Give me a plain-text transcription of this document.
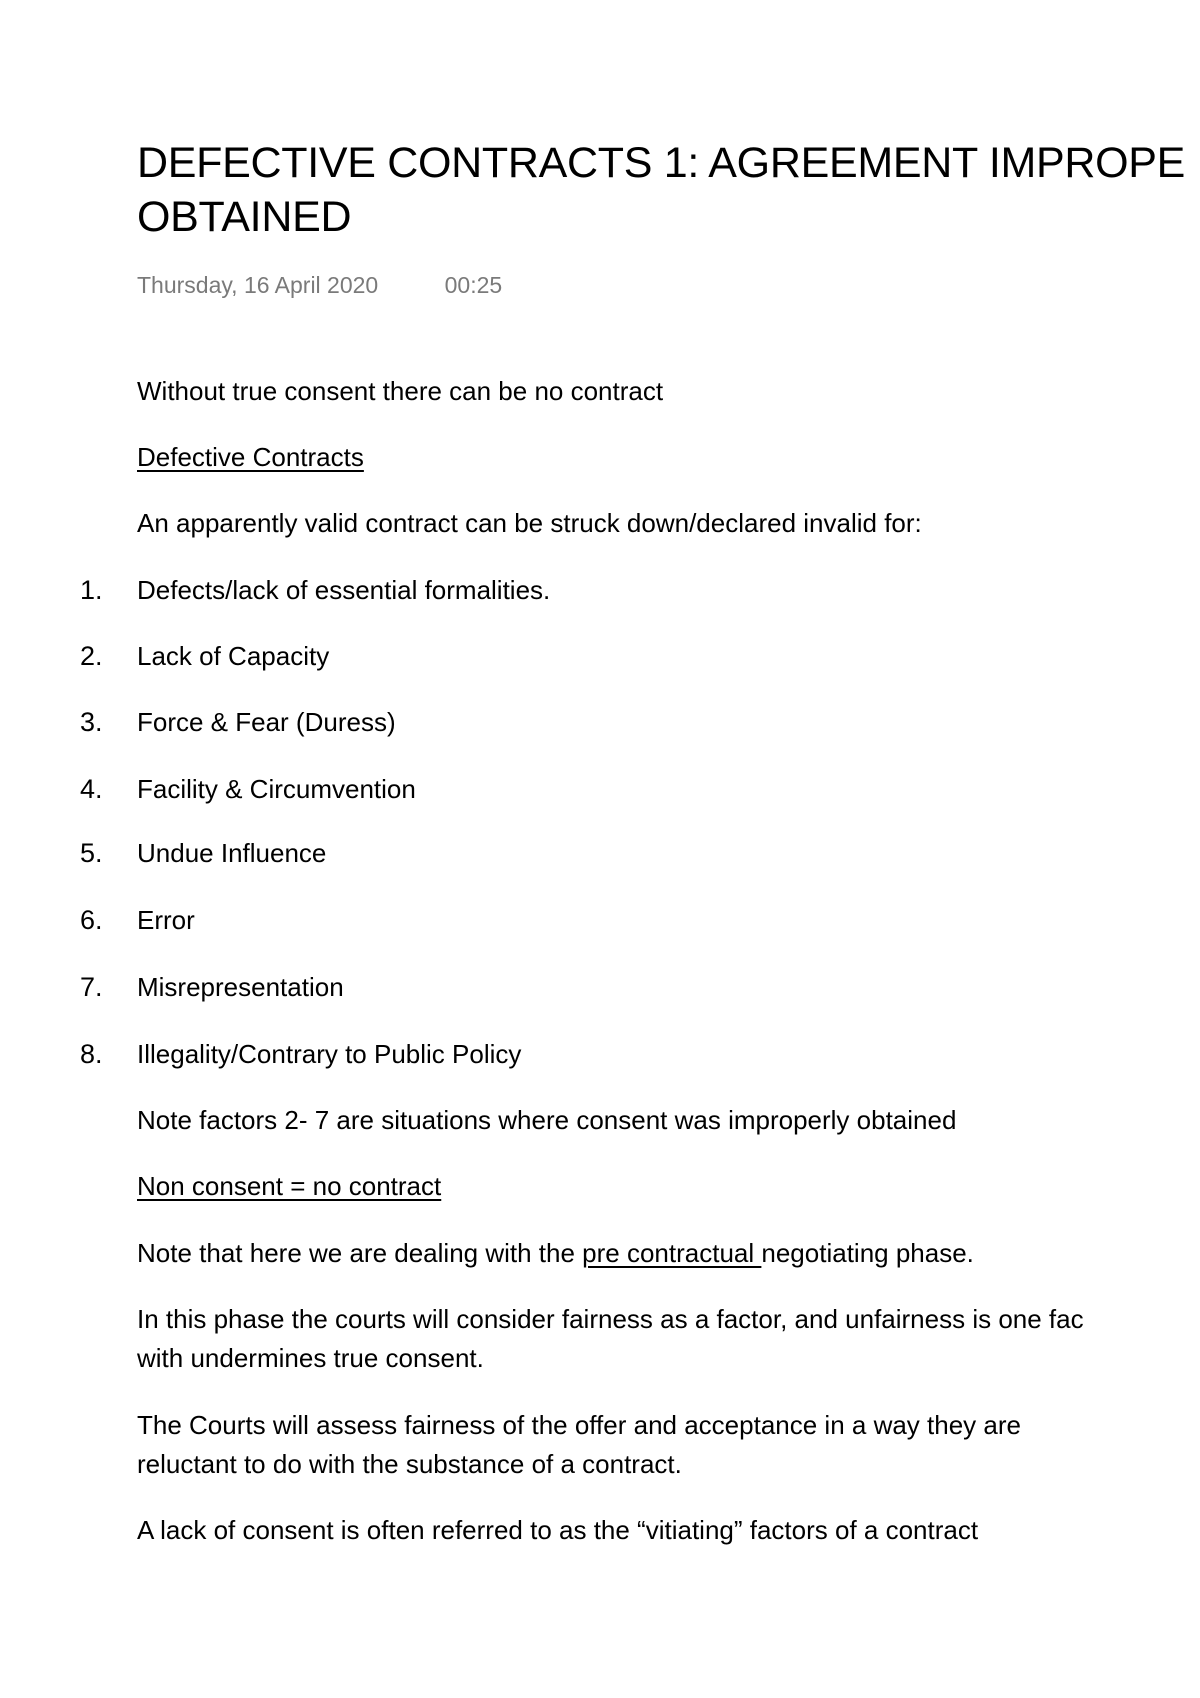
DEFECTIVE CONTRACTS 1: AGREEMENT IMPROPE
OBTAINED
Thursday, 16 April 2020	00:25
Without true consent there can be no contract
Defective Contracts
An apparently valid contract can be struck down/declared invalid for:
1. Defects/lack of essential formalities.
2. Lack of Capacity
3. Force & Fear (Duress)
4. Facility & Circumvention
5. Undue Influence
6. Error
7. Misrepresentation
8. Illegality/Contrary to Public Policy
Note factors 2- 7 are situations where consent was improperly obtained
Non consent = no contract
Note that here we are dealing with the pre contractual negotiating phase.
In this phase the courts will consider fairness as a factor, and unfairness is one fac
with undermines true consent.
The Courts will assess fairness of the offer and acceptance in a way they are
reluctant to do with the substance of a contract.
A lack of consent is often referred to as the “vitiating” factors of a contract
